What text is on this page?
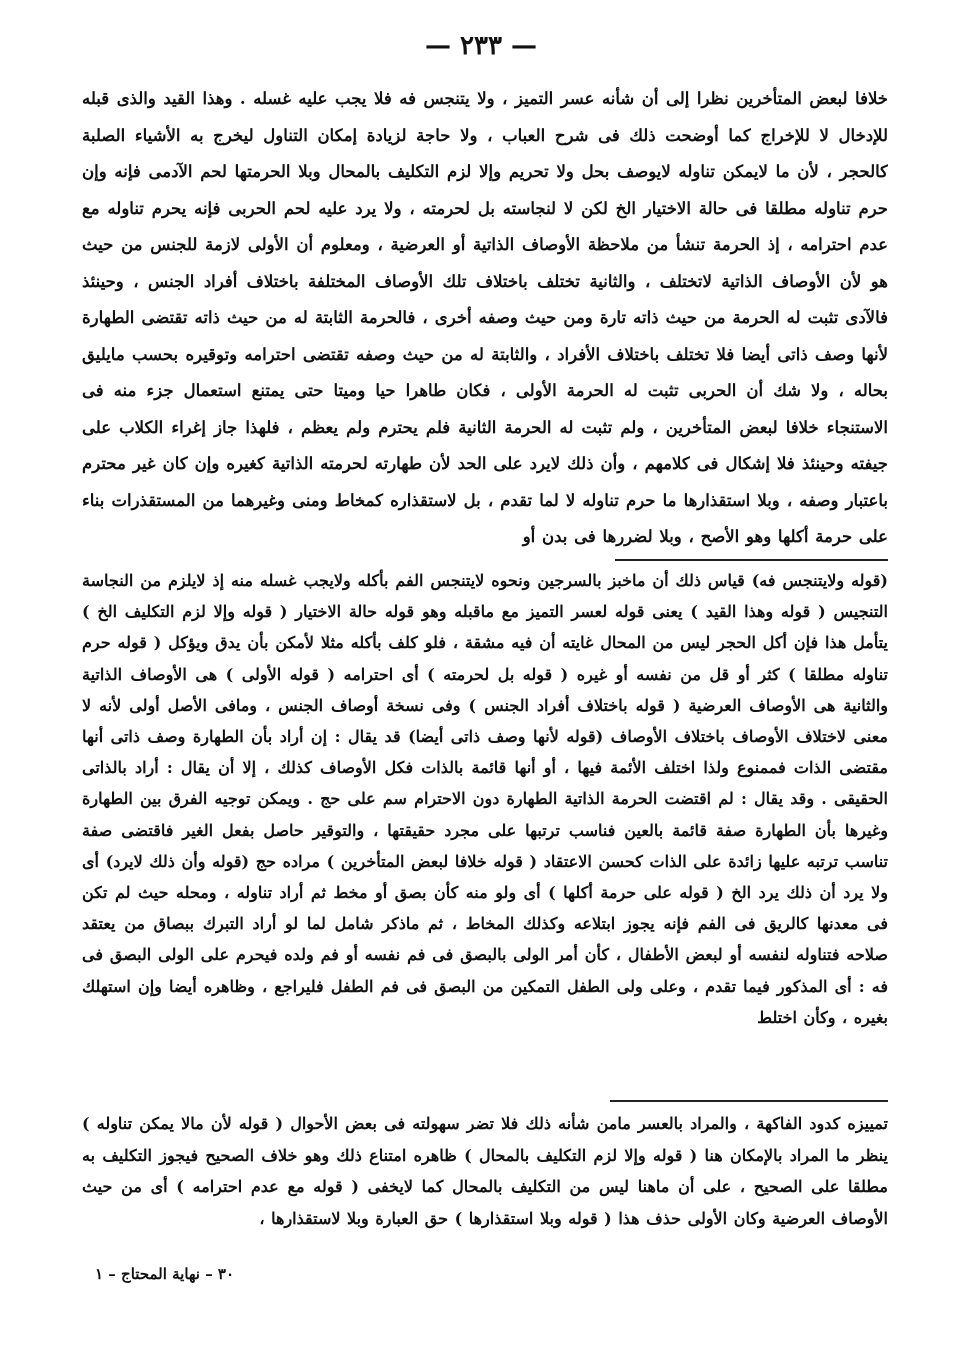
— ٢٣٣ —

خلافا لبعض المتأخرين نظرا إلى أن شأنه عسر التميز ، ولا يتنجس فه فلا يجب عليه غسله . وهذا القيد والذى قبله للإدخال لا للإخراج كما أوضحت ذلك فى شرح العباب ، ولا حاجة لزيادة إمكان التناول ليخرج به الأشياء الصلبة كالحجر ، لأن ما لايمكن تناوله لايوصف بحل ولا تحريم وإلا لزم التكليف بالمحال وبلا الحرمتها لحم الآدمى فإنه وإن حرم تناوله مطلقا فى حالة الاختيار الخ لكن لا لنجاسته بل لحرمته ، ولا يرد عليه لحم الحربى فإنه يحرم تناوله مع عدم احترامه ، إذ الحرمة تنشأ من ملاحظة الأوصاف الذاتية أو العرضية ، ومعلوم أن الأولى لازمة للجنس من حيث هو لأن الأوصاف الذاتية لاتختلف ، والثانية تختلف باختلاف تلك الأوصاف المختلفة باختلاف أفراد الجنس ، وحينئذ فالآدى تثبت له الحرمة من حيث ذاته تارة ومن حيث وصفه أخرى ، فالحرمة الثابتة له من حيث ذاته تقتضى الطهارة لأنها وصف ذاتى أيضا فلا تختلف باختلاف الأفراد ، والثابتة له من حيث وصفه تقتضى احترامه وتوقيره بحسب مايليق بحاله ، ولا شك أن الحربى تثبت له الحرمة الأولى ، فكان طاهرا حيا وميتا حتى يمتنع استعمال جزء منه فى الاستنجاء خلافا لبعض المتأخرين ، ولم تثبت له الحرمة الثانية فلم يحترم ولم يعظم ، فلهذا جاز إغراء الكلاب على جيفته وحينئذ فلا إشكال فى كلامهم ، وأن ذلك لايرد على الحد لأن طهارته لحرمته الذاتية كغيره وإن كان غير محترم باعتبار وصفه ، وبلا استقذارها ما حرم تناوله لا لما تقدم ، بل لاستقذاره كمخاط ومنى وغيرهما من المستقذرات بناء على حرمة أكلها وهو الأصح ، وبلا لضررها فى بدن أو

(قوله ولايتنجس فه) قياس ذلك أن ماخبز بالسرجين ونحوه لايتنجس الفم بأكله ولايجب غسله منه إذ لايلزم من النجاسة التنجيس ( قوله وهذا القيد ) يعنى قوله لعسر التميز مع ماقبله وهو قوله حالة الاختيار ( قوله وإلا لزم التكليف الخ ) يتأمل هذا فإن أكل الحجر ليس من المحال غايته أن فيه مشقة ، فلو كلف بأكله مثلا لأمكن بأن يدق ويؤكل ( قوله حرم تناوله مطلقا ) كثر أو قل من نفسه أو غيره ( قوله بل لحرمته ) أى احترامه ( قوله الأولى ) هى الأوصاف الذاتية والثانية هى الأوصاف العرضية ( قوله باختلاف أفراد الجنس ) وفى نسخة أوصاف الجنس ، ومافى الأصل أولى لأنه لا معنى لاختلاف الأوصاف باختلاف الأوصاف (قوله لأنها وصف ذاتى أيضا) قد يقال : إن أراد بأن الطهارة وصف ذاتى أنها مقتضى الذات فممنوع ولذا اختلف الأئمة فيها ، أو أنها قائمة بالذات فكل الأوصاف كذلك ، إلا أن يقال : أراد بالذاتى الحقيقى . وقد يقال : لم اقتضت الحرمة الذاتية الطهارة دون الاحترام سم على حج . ويمكن توجيه الفرق بين الطهارة وغيرها بأن الطهارة صفة قائمة بالعين فناسب ترتبها على مجرد حقيقتها ، والتوقير حاصل بفعل الغير فاقتضى صفة تناسب ترتبه عليها زائدة على الذات كحسن الاعتقاد ( قوله خلافا لبعض المتأخرين ) مراده حج (قوله وأن ذلك لايرد) أى ولا يرد أن ذلك يرد الخ ( قوله على حرمة أكلها ) أى ولو منه كأن بصق أو مخط ثم أراد تناوله ، ومحله حيث لم تكن فى معدنها كالريق فى الفم فإنه يجوز ابتلاعه وكذلك المخاط ، ثم ماذكر شامل لما لو أراد التبرك ببصاق من يعتقد صلاحه فتناوله لنفسه أو لبعض الأطفال ، كأن أمر الولى بالبصق فى فم نفسه أو فم ولده فيحرم على الولى البصق فى فه : أى المذكور فيما تقدم ، وعلى ولى الطفل التمكين من البصق فى فم الطفل فليراجع ، وظاهره أيضا وإن استهلك بغيره ، وكأن اختلط

تمييزه كدود الفاكهة ، والمراد بالعسر مامن شأنه ذلك فلا تضر سهولته فى بعض الأحوال ( قوله لأن مالا يمكن تناوله ) ينظر ما المراد بالإمكان هنا ( قوله وإلا لزم التكليف بالمحال ) ظاهره امتناع ذلك وهو خلاف الصحيح فيجوز التكليف به مطلقا على الصحيح ، على أن ماهنا ليس من التكليف بالمحال كما لايخفى ( قوله مع عدم احترامه ) أى من حيث الأوصاف العرضية وكان الأولى حذف هذا ( قوله وبلا استقذارها ) حق العبارة وبلا لاستقذارها ،

٣٠ – نهاية المحتاج – ١
